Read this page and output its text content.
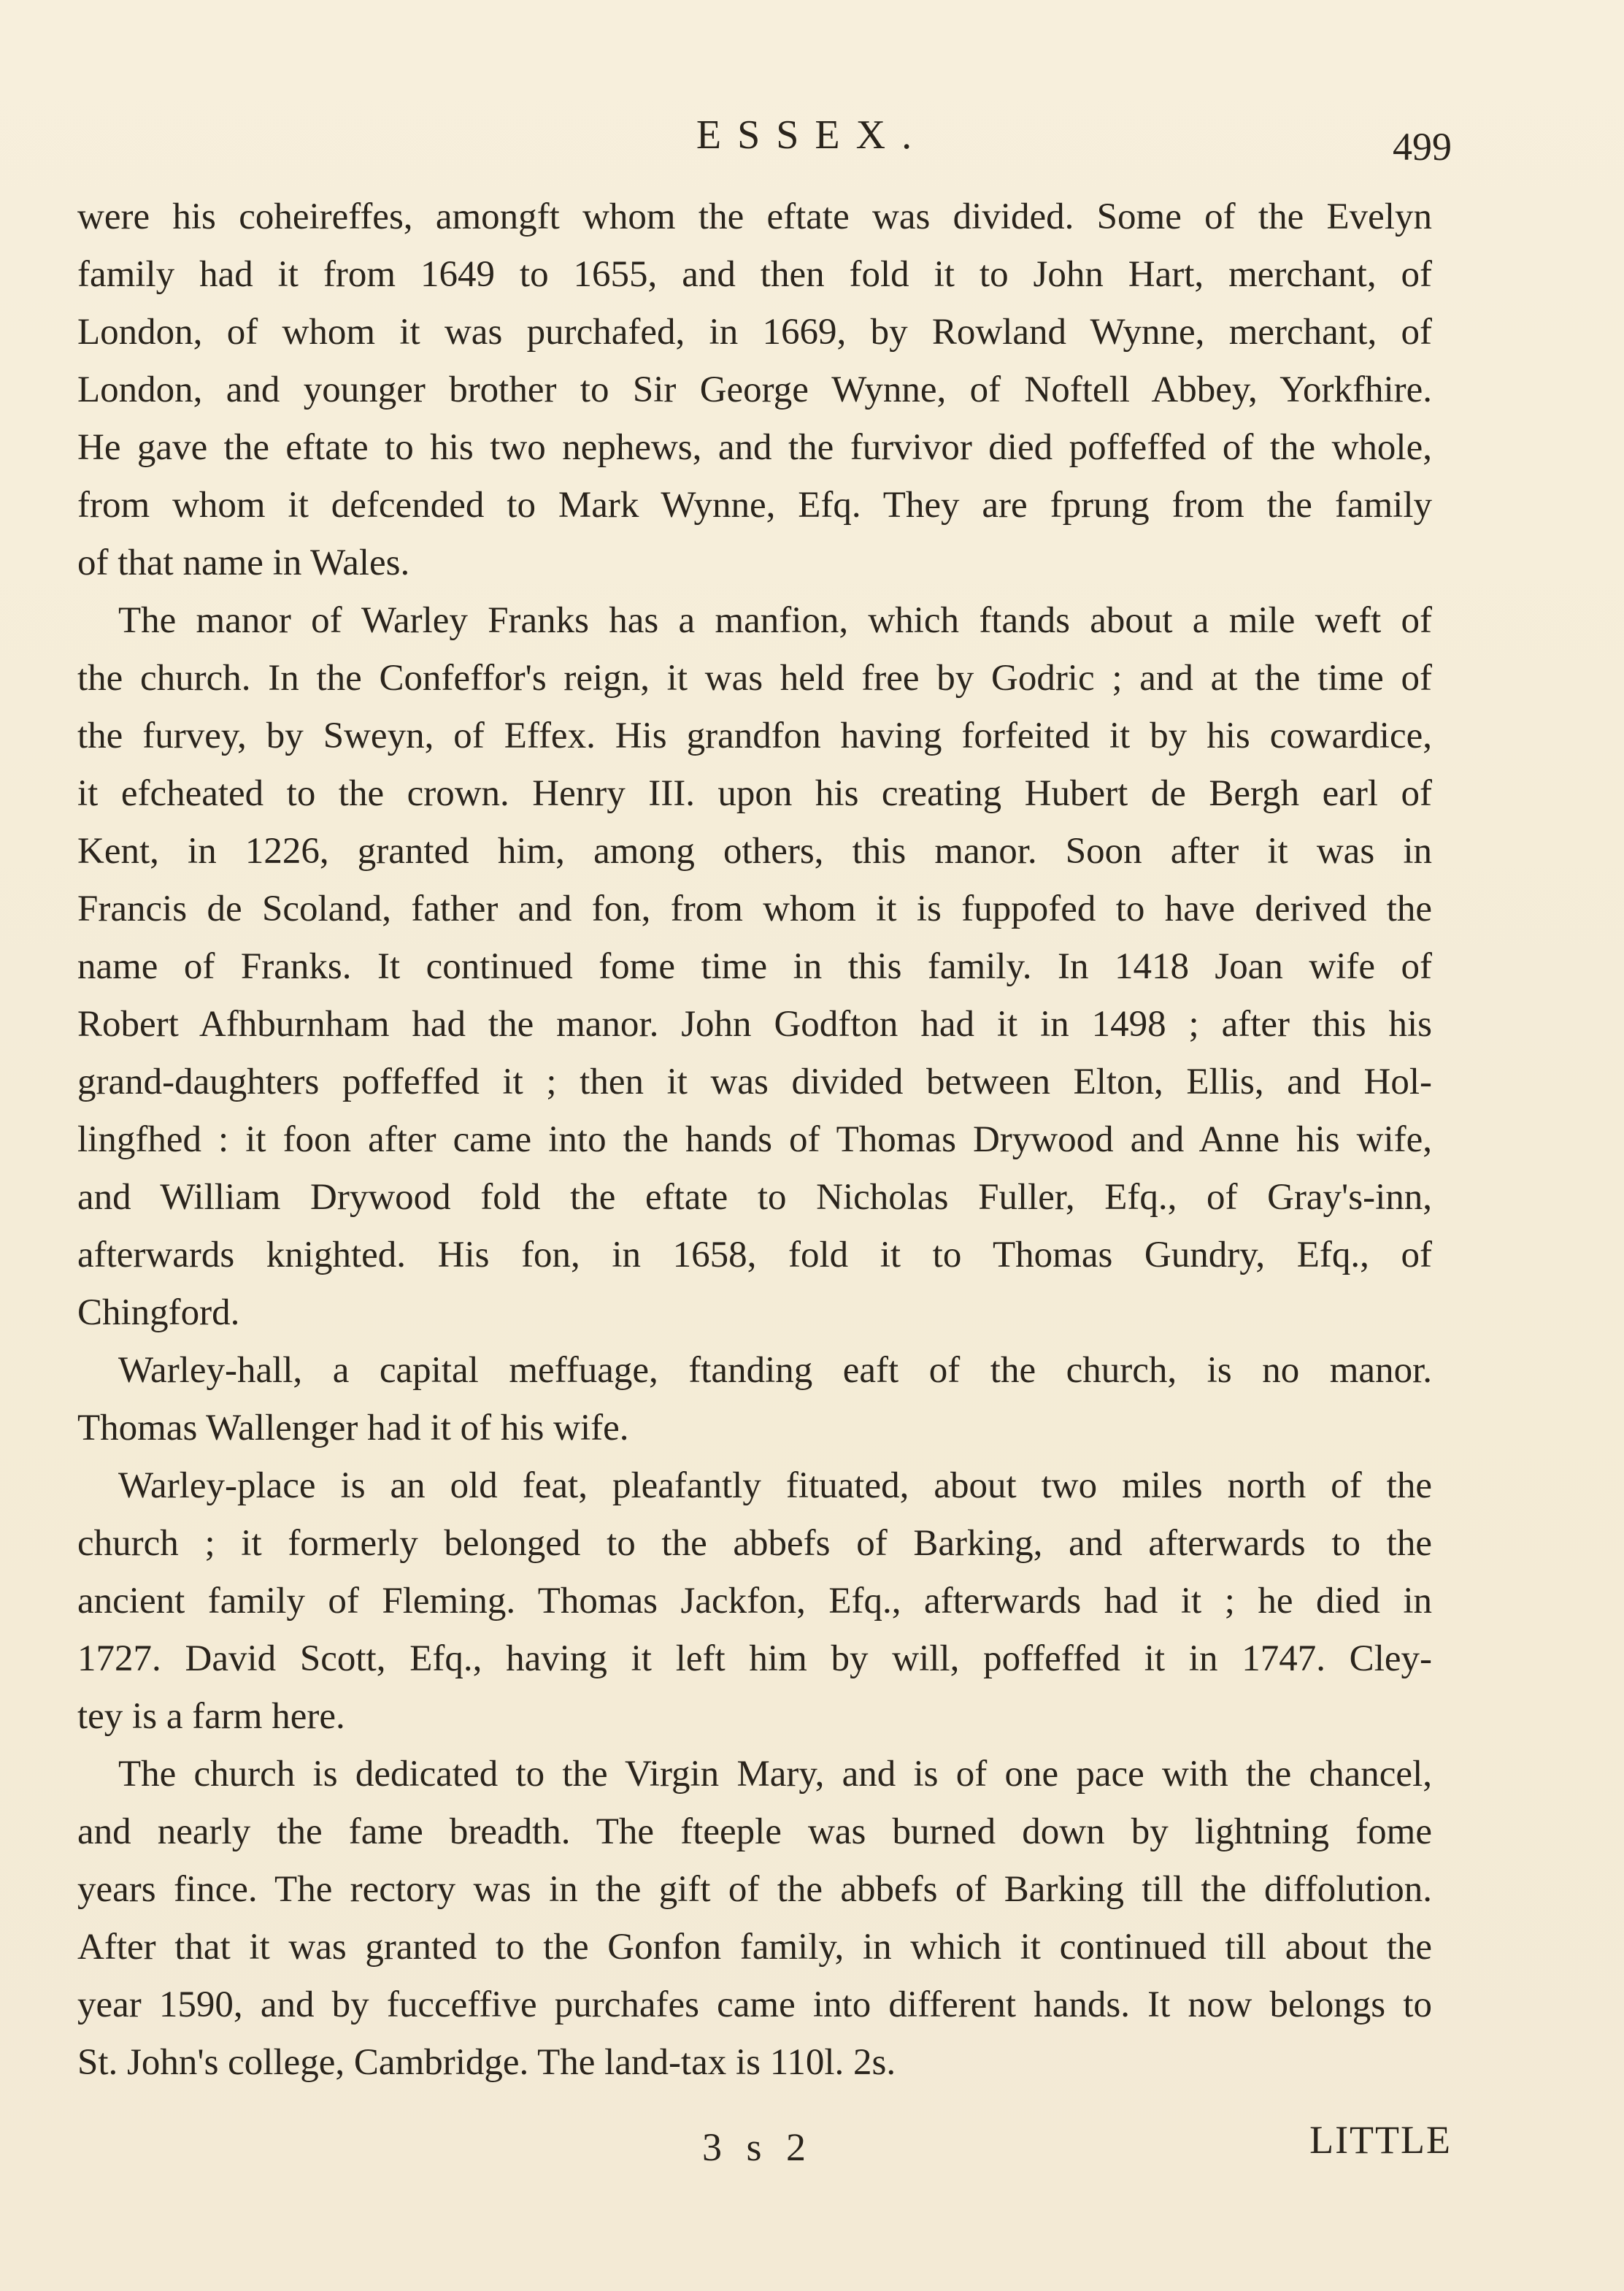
ESSEX.	499

were his coheireffes, amongft whom the eftate was divided. Some of the Evelyn
family had it from 1649 to 1655, and then fold it to John Hart, merchant, of
London, of whom it was purchafed, in 1669, by Rowland Wynne, merchant, of
London, and younger brother to Sir George Wynne, of Noftell Abbey, Yorkfhire.
He gave the eftate to his two nephews, and the furvivor died poffeffed of the whole,
from whom it defcended to Mark Wynne, Efq. They are fprung from the family
of that name in Wales.

The manor of Warley Franks has a manfion, which ftands about a mile weft of
the church. In the Confeffor's reign, it was held free by Godric ; and at the time of
the furvey, by Sweyn, of Effex. His grandfon having forfeited it by his cowardice,
it efcheated to the crown. Henry III. upon his creating Hubert de Bergh earl of
Kent, in 1226, granted him, among others, this manor. Soon after it was in
Francis de Scoland, father and fon, from whom it is fuppofed to have derived the
name of Franks. It continued fome time in this family. In 1418 Joan wife of
Robert Afhburnham had the manor. John Godfton had it in 1498 ; after this his
grand-daughters poffeffed it ; then it was divided between Elton, Ellis, and Hol-
lingfhed : it foon after came into the hands of Thomas Drywood and Anne his wife,
and William Drywood fold the eftate to Nicholas Fuller, Efq., of Gray's-inn,
afterwards knighted. His fon, in 1658, fold it to Thomas Gundry, Efq., of
Chingford.

Warley-hall, a capital meffuage, ftanding eaft of the church, is no manor.
Thomas Wallenger had it of his wife.

Warley-place is an old feat, pleafantly fituated, about two miles north of the
church ; it formerly belonged to the abbefs of Barking, and afterwards to the
ancient family of Fleming. Thomas Jackfon, Efq., afterwards had it ; he died in
1727. David Scott, Efq., having it left him by will, poffeffed it in 1747. Cley-
tey is a farm here.

The church is dedicated to the Virgin Mary, and is of one pace with the chancel,
and nearly the fame breadth. The fteeple was burned down by lightning fome
years fince. The rectory was in the gift of the abbefs of Barking till the diffolution.
After that it was granted to the Gonfon family, in which it continued till about the
year 1590, and by fucceffive purchafes came into different hands. It now belongs to
St. John's college, Cambridge. The land-tax is 110l. 2s.

3 s 2	LITTLE
